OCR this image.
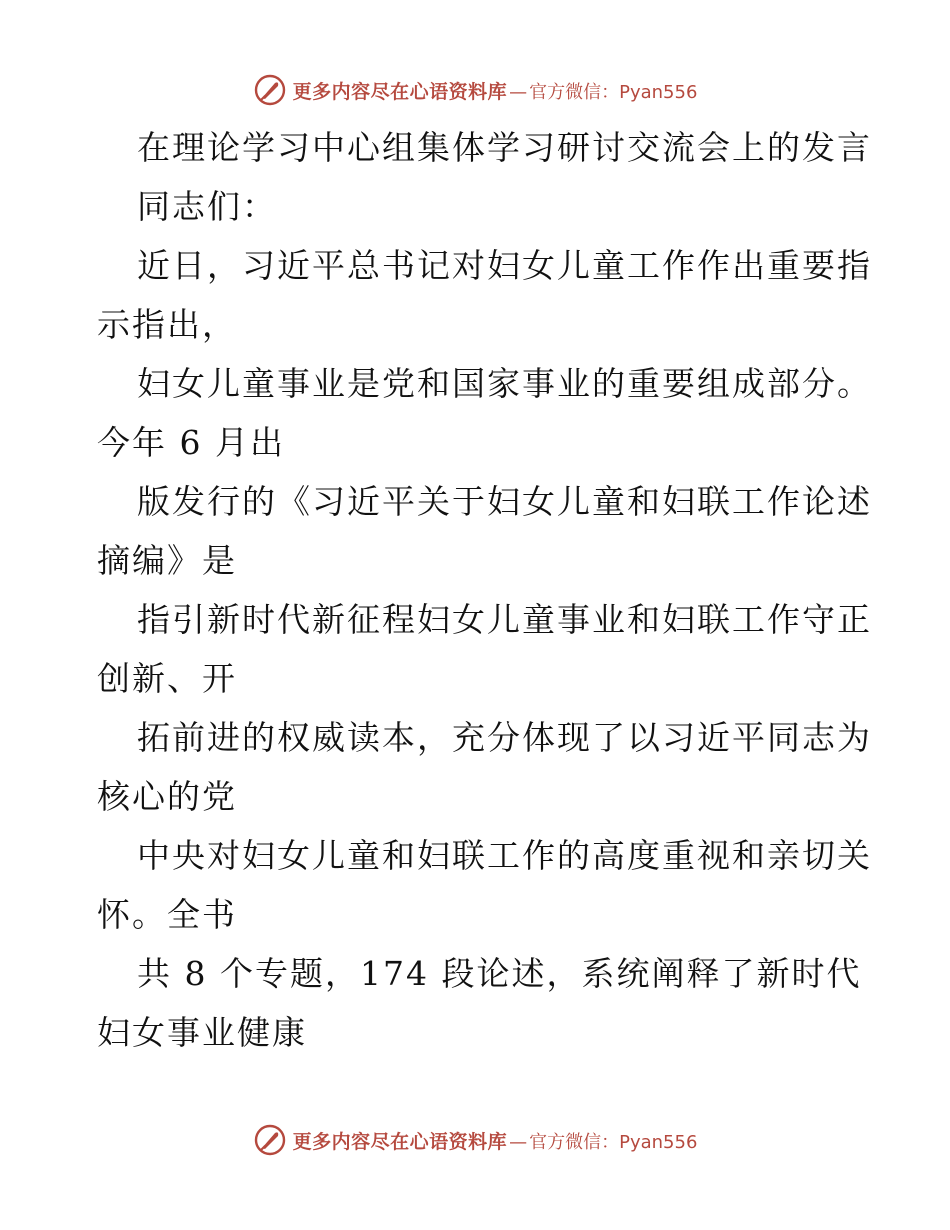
更多内容尽在心语资料库 — 官方微信：Pyan556
在理论学习中心组集体学习研讨交流会上的发言
同志们：
近日，习近平总书记对妇女儿童工作作出重要指
示指出，
妇女儿童事业是党和国家事业的重要组成部分。
今年 6 月出
版发行的《习近平关于妇女儿童和妇联工作论述
摘编》是
指引新时代新征程妇女儿童事业和妇联工作守正
创新、开
拓前进的权威读本，充分体现了以习近平同志为
核心的党
中央对妇女儿童和妇联工作的高度重视和亲切关
怀。全书
共 8 个专题，174 段论述，系统阐释了新时代
妇女事业健康
更多内容尽在心语资料库 — 官方微信：Pyan556
